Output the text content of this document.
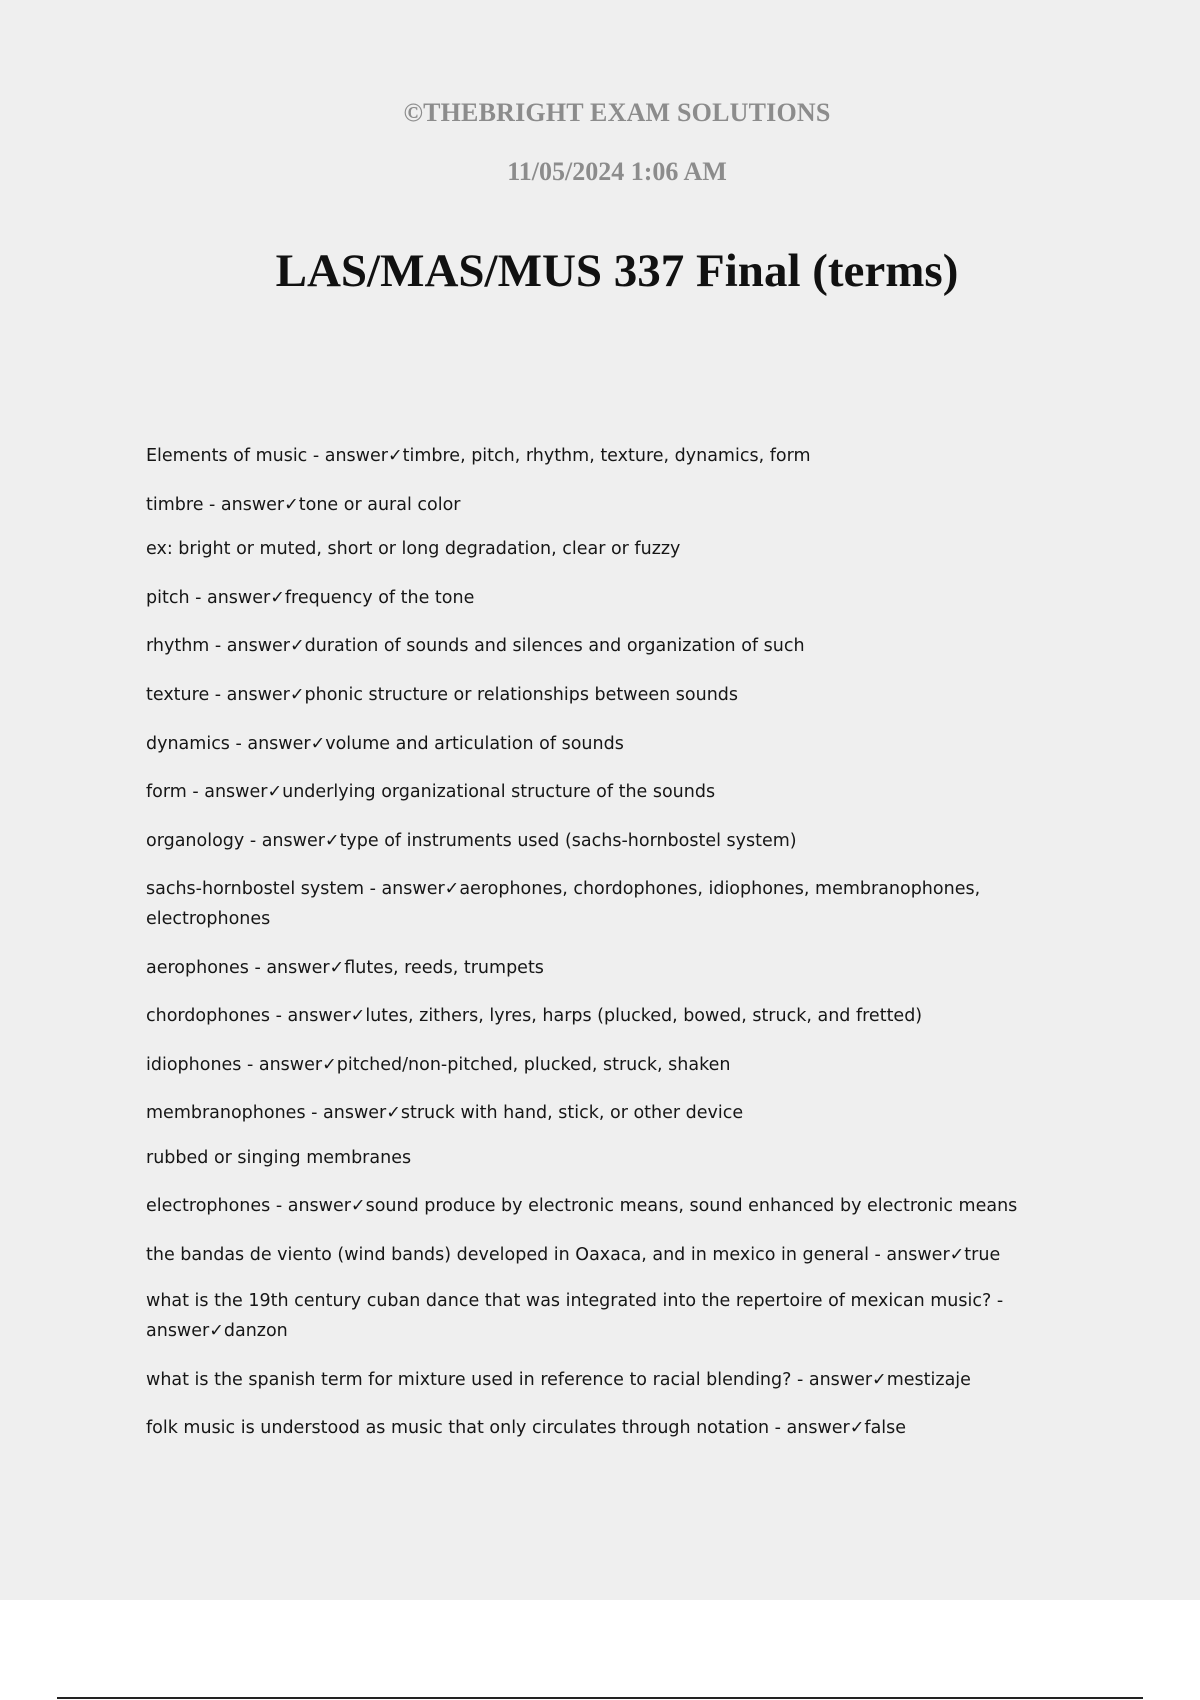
©THEBRIGHT EXAM SOLUTIONS
11/05/2024 1:06 AM
LAS/MAS/MUS 337 Final (terms)
Elements of music - answer✓timbre, pitch, rhythm, texture, dynamics, form
timbre - answer✓tone or aural color
ex: bright or muted, short or long degradation, clear or fuzzy
pitch - answer✓frequency of the tone
rhythm - answer✓duration of sounds and silences and organization of such
texture - answer✓phonic structure or relationships between sounds
dynamics - answer✓volume and articulation of sounds
form - answer✓underlying organizational structure of the sounds
organology - answer✓type of instruments used (sachs-hornbostel system)
sachs-hornbostel system - answer✓aerophones, chordophones, idiophones, membranophones,
electrophones
aerophones - answer✓flutes, reeds, trumpets
chordophones - answer✓lutes, zithers, lyres, harps (plucked, bowed, struck, and fretted)
idiophones - answer✓pitched/non-pitched, plucked, struck, shaken
membranophones - answer✓struck with hand, stick, or other device
rubbed or singing membranes
electrophones - answer✓sound produce by electronic means, sound enhanced by electronic means
the bandas de viento (wind bands) developed in Oaxaca, and in mexico in general - answer✓true
what is the 19th century cuban dance that was integrated into the repertoire of mexican music? -
answer✓danzon
what is the spanish term for mixture used in reference to racial blending? - answer✓mestizaje
folk music is understood as music that only circulates through notation - answer✓false
